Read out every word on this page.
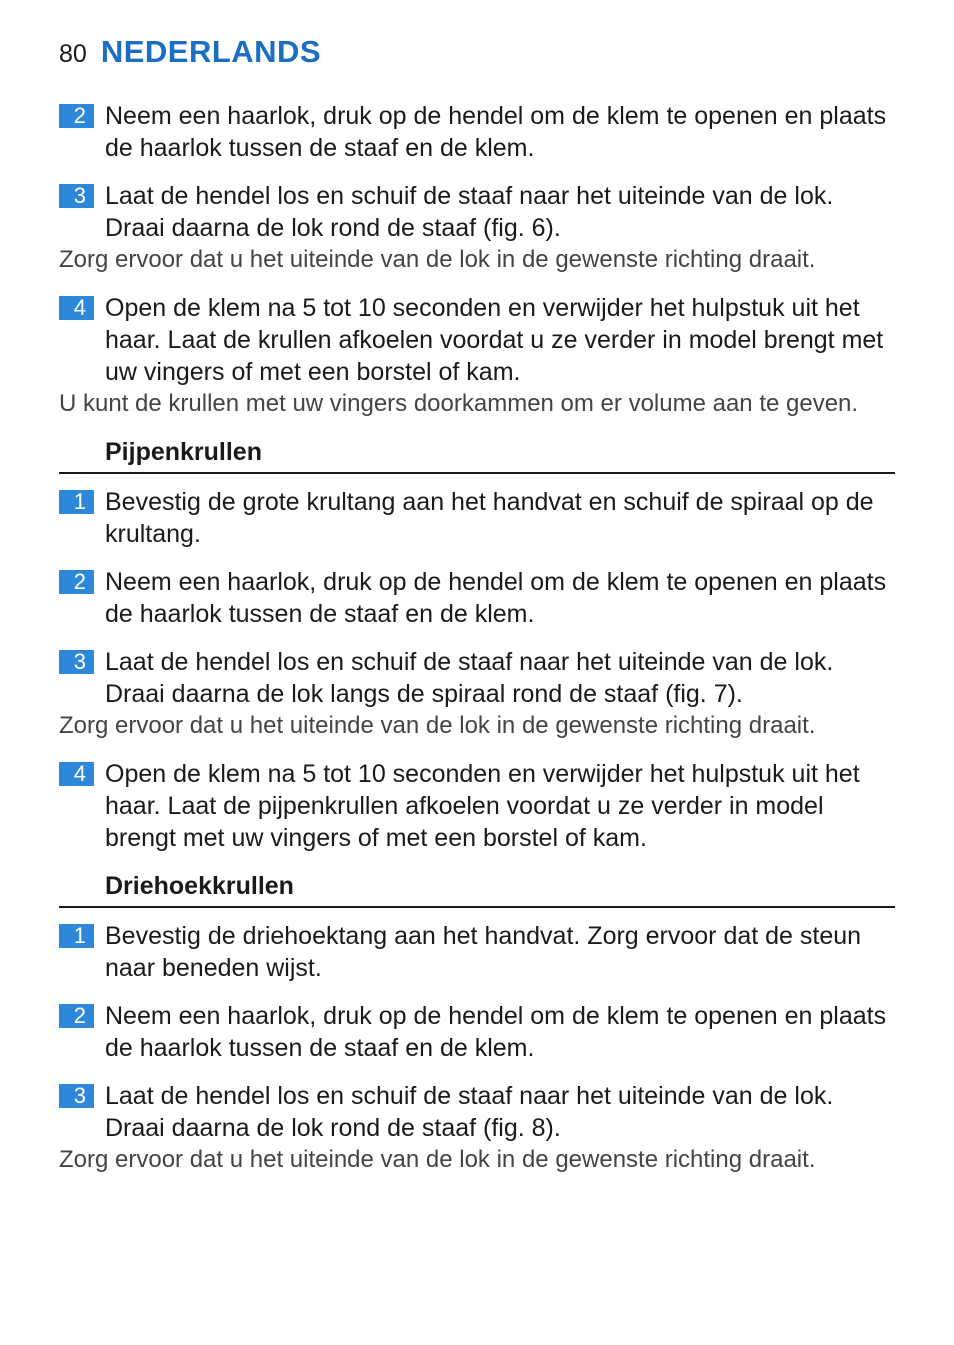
80 NEDERLANDS
2 Neem een haarlok, druk op de hendel om de klem te openen en plaats de haarlok tussen de staaf en de klem.
3 Laat de hendel los en schuif de staaf naar het uiteinde van de lok. Draai daarna de lok rond de staaf (fig. 6).
Zorg ervoor dat u het uiteinde van de lok in de gewenste richting draait.
4 Open de klem na 5 tot 10 seconden en verwijder het hulpstuk uit het haar. Laat de krullen afkoelen voordat u ze verder in model brengt met uw vingers of met een borstel of kam.
U kunt de krullen met uw vingers doorkammen om er volume aan te geven.
Pijpenkrullen
1 Bevestig de grote krultang aan het handvat en schuif de spiraal op de krultang.
2 Neem een haarlok, druk op de hendel om de klem te openen en plaats de haarlok tussen de staaf en de klem.
3 Laat de hendel los en schuif de staaf naar het uiteinde van de lok. Draai daarna de lok langs de spiraal rond de staaf (fig. 7).
Zorg ervoor dat u het uiteinde van de lok in de gewenste richting draait.
4 Open de klem na 5 tot 10 seconden en verwijder het hulpstuk uit het haar. Laat de pijpenkrullen afkoelen voordat u ze verder in model brengt met uw vingers of met een borstel of kam.
Driehoekkrullen
1 Bevestig de driehoektang aan het handvat. Zorg ervoor dat de steun naar beneden wijst.
2 Neem een haarlok, druk op de hendel om de klem te openen en plaats de haarlok tussen de staaf en de klem.
3 Laat de hendel los en schuif de staaf naar het uiteinde van de lok. Draai daarna de lok rond de staaf (fig. 8).
Zorg ervoor dat u het uiteinde van de lok in de gewenste richting draait.
